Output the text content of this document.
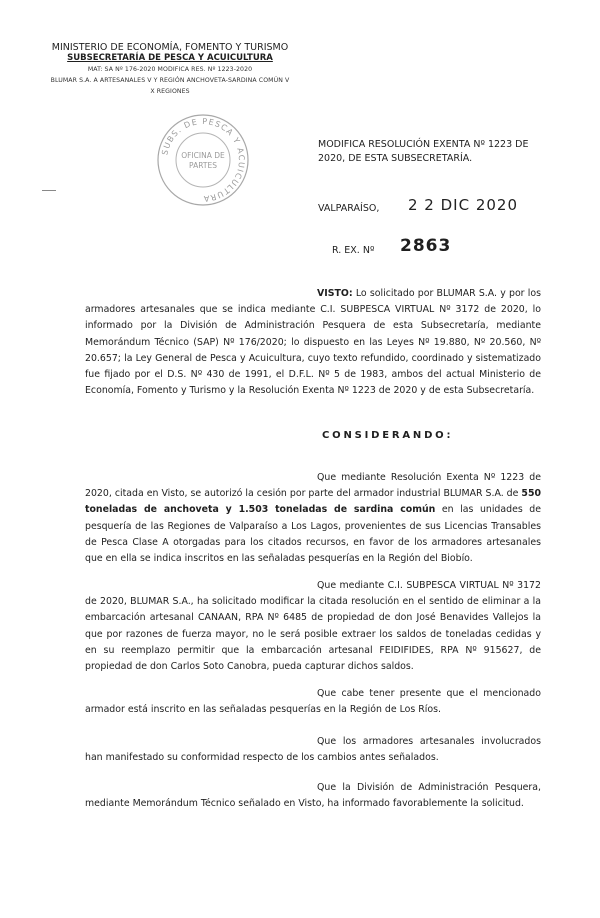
MINISTERIO DE ECONOMÍA, FOMENTO Y TURISMO
SUBSECRETARÍA DE PESCA Y ACUICULTURA
MAT: SA Nº 176-2020 MODIFICA RES. Nº 1223-2020
BLUMAR S.A. A ARTESANALES V Y REGIÓN ANCHOVETA-SARDINA COMÚN V
X REGIONES
SUBS. DE PESCA Y ACUICULTURA
OFICINA DE
PARTES
MODIFICA RESOLUCIÓN EXENTA Nº 1223 DE 2020, DE ESTA SUBSECRETARÍA.
VALPARAÍSO, 2 2 DIC 2020
R. EX. Nº 2863
VISTO: Lo solicitado por BLUMAR S.A. y por los armadores artesanales que se indica mediante C.I. SUBPESCA VIRTUAL Nº 3172 de 2020, lo informado por la División de Administración Pesquera de esta Subsecretaría, mediante Memorándum Técnico (SAP) Nº 176/2020; lo dispuesto en las Leyes Nº 19.880, Nº 20.560, Nº 20.657; la Ley General de Pesca y Acuicultura, cuyo texto refundido, coordinado y sistematizado fue fijado por el D.S. Nº 430 de 1991, el D.F.L. Nº 5 de 1983, ambos del actual Ministerio de Economía, Fomento y Turismo y la Resolución Exenta Nº 1223 de 2020 y de esta Subsecretaría.
CONSIDERANDO:
Que mediante Resolución Exenta Nº 1223 de 2020, citada en Visto, se autorizó la cesión por parte del armador industrial BLUMAR S.A. de 550 toneladas de anchoveta y 1.503 toneladas de sardina común en las unidades de pesquería de las Regiones de Valparaíso a Los Lagos, provenientes de sus Licencias Transables de Pesca Clase A otorgadas para los citados recursos, en favor de los armadores artesanales que en ella se indica inscritos en las señaladas pesquerías en la Región del Biobío.
Que mediante C.I. SUBPESCA VIRTUAL Nº 3172 de 2020, BLUMAR S.A., ha solicitado modificar la citada resolución en el sentido de eliminar a la embarcación artesanal CANAAN, RPA Nº 6485 de propiedad de don José Benavides Vallejos la que por razones de fuerza mayor, no le será posible extraer los saldos de toneladas cedidas y en su reemplazo permitir que la embarcación artesanal FEIDIFIDES, RPA Nº 915627, de propiedad de don Carlos Soto Canobra, pueda capturar dichos saldos.
Que cabe tener presente que el mencionado armador está inscrito en las señaladas pesquerías en la Región de Los Ríos.
Que los armadores artesanales involucrados han manifestado su conformidad respecto de los cambios antes señalados.
Que la División de Administración Pesquera, mediante Memorándum Técnico señalado en Visto, ha informado favorablemente la solicitud.
